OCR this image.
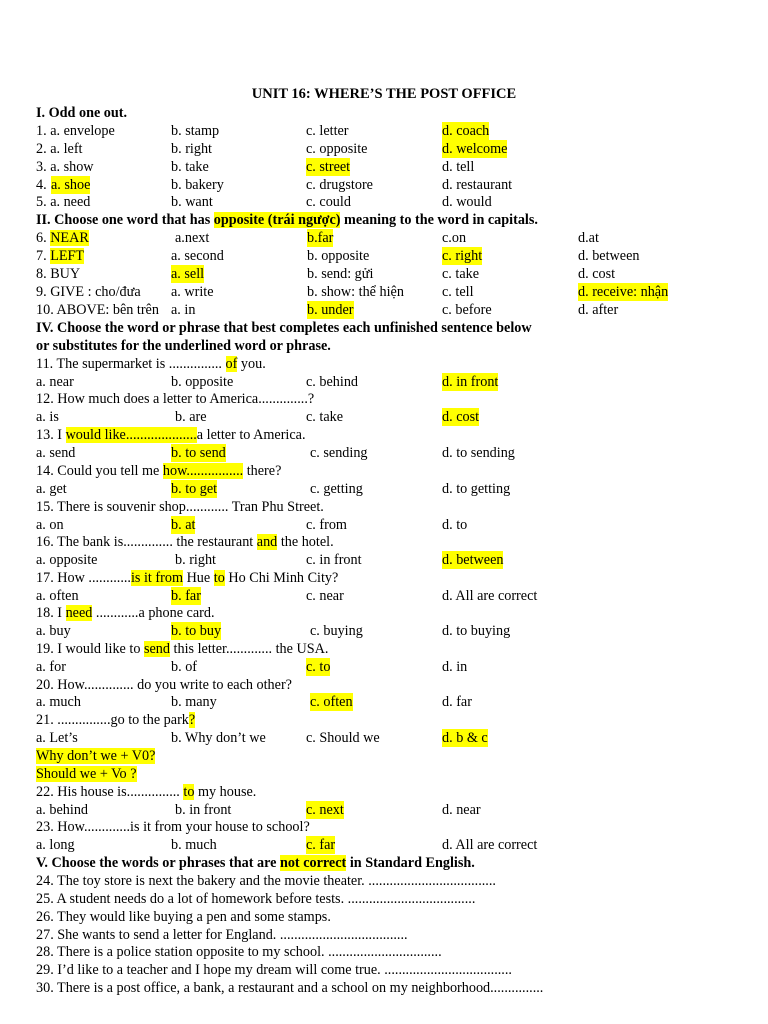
UNIT 16: WHERE’S THE POST OFFICE
I. Odd one out.
1. a. envelope	b. stamp	c. letter	d. coach
2. a. left	b. right	c. opposite	d. welcome
3. a. show	b. take	c. street	d. tell
4. a. shoe	b. bakery	c. drugstore	d. restaurant
5. a. need	b. want	c. could	d. would
II. Choose one word that has opposite (trái ngược) meaning to the word in capitals.
6. NEAR	a.next	b.far	c.on	d.at
7. LEFT	a. second	b. opposite	c. right	d. between
8. BUY	a. sell	b. send: gửi	c. take	d. cost
9. GIVE : cho/đưa a. write	b. show: thể hiện	c. tell	d. receive: nhận
10. ABOVE: bên trên a. in	b. under	c. before	d. after
IV. Choose the word or phrase that best completes each unfinished sentence below
or substitutes for the underlined word or phrase.
11. The supermarket is ............... of you.
a. near	b. opposite	c. behind	d. in front
12. How much does a letter to America..............?
a. is	b. are	c. take	d. cost
13. I would like....................a letter to America.
a. send	b. to send	c. sending	d. to sending
14. Could you tell me how................ there?
a. get	b. to get	c. getting	d. to getting
15. There is souvenir shop............ Tran Phu Street.
a. on	b. at	c. from	d. to
16. The bank is.............. the restaurant and the hotel.
a. opposite	b. right	c. in front	d. between
17. How ............is it from Hue to Ho Chi Minh City?
a. often	b. far	c. near	d. All are correct
18. I need ............a phone card.
a. buy	b. to buy	c. buying	d. to buying
19. I would like to send this letter............. the USA.
a. for	b. of	c. to	d. in
20. How.............. do you write to each other?
a. much	b. many	c. often	d. far
21. ...............go to the park?
a. Let’s	b. Why don’t we	c. Should we	d. b & c
Why don’t we + V0?
Should we + Vo ?
22. His house is............... to my house.
a. behind	b. in front	c. next	d. near
23. How.............is it from your house to school?
a. long	b. much	c. far	d. All are correct
V. Choose the words or phrases that are not correct in Standard English.
24. The toy store is next the bakery and the movie theater. ....................................
25. A student needs do a lot of homework before tests. ....................................
26. They would like buying a pen and some stamps.
27. She wants to send a letter for England. ....................................
28. There is a police station opposite to my school. ................................
29. I’d like to a teacher and I hope my dream will come true. ....................................
30. There is a post office, a bank, a restaurant and a school on my neighborhood...............
